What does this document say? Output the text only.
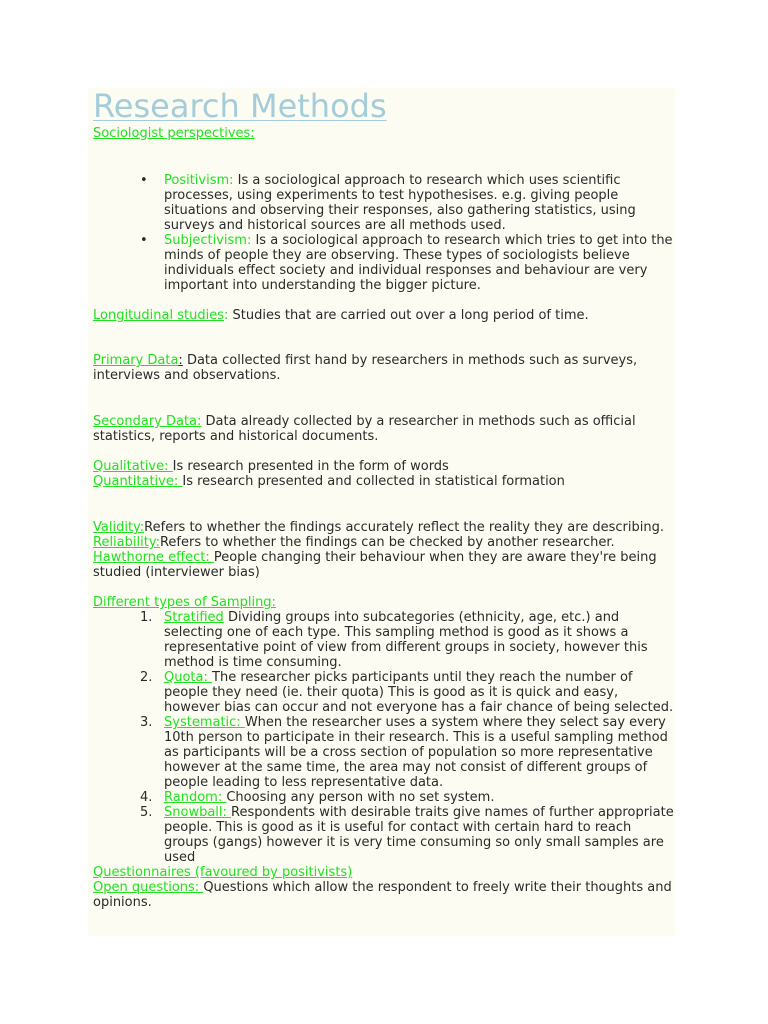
Research Methods

Sociologist perspectives:

• Positivism: Is a sociological approach to research which uses scientific processes, using experiments to test hypothesises. e.g. giving people situations and observing their responses, also gathering statistics, using surveys and historical sources are all methods used.
• Subjectivism: Is a sociological approach to research which tries to get into the minds of people they are observing. These types of sociologists believe individuals effect society and individual responses and behaviour are very important into understanding the bigger picture.

Longitudinal studies: Studies that are carried out over a long period of time.

Primary Data: Data collected first hand by researchers in methods such as surveys, interviews and observations.

Secondary Data: Data already collected by a researcher in methods such as official statistics, reports and historical documents.

Qualitative: Is research presented in the form of words

Quantitative: Is research presented and collected in statistical formation

Validity:Refers to whether the findings accurately reflect the reality they are describing.

Reliability:Refers to whether the findings can be checked by another researcher.

Hawthorne effect: People changing their behaviour when they are aware they're being studied (interviewer bias)

Different types of Sampling:

1. Stratified Dividing groups into subcategories (ethnicity, age, etc.) and selecting one of each type. This sampling method is good as it shows a representative point of view from different groups in society, however this method is time consuming.
2. Quota: The researcher picks participants until they reach the number of people they need (ie. their quota) This is good as it is quick and easy, however bias can occur and not everyone has a fair chance of being selected.
3. Systematic: When the researcher uses a system where they select say every 10th person to participate in their research. This is a useful sampling method as participants will be a cross section of population so more representative however at the same time, the area may not consist of different groups of people leading to less representative data.
4. Random: Choosing any person with no set system.
5. Snowball: Respondents with desirable traits give names of further appropriate people. This is good as it is useful for contact with certain hard to reach groups (gangs) however it is very time consuming so only small samples are used

Questionnaires (favoured by positivists)

Open questions: Questions which allow the respondent to freely write their thoughts and opinions.
